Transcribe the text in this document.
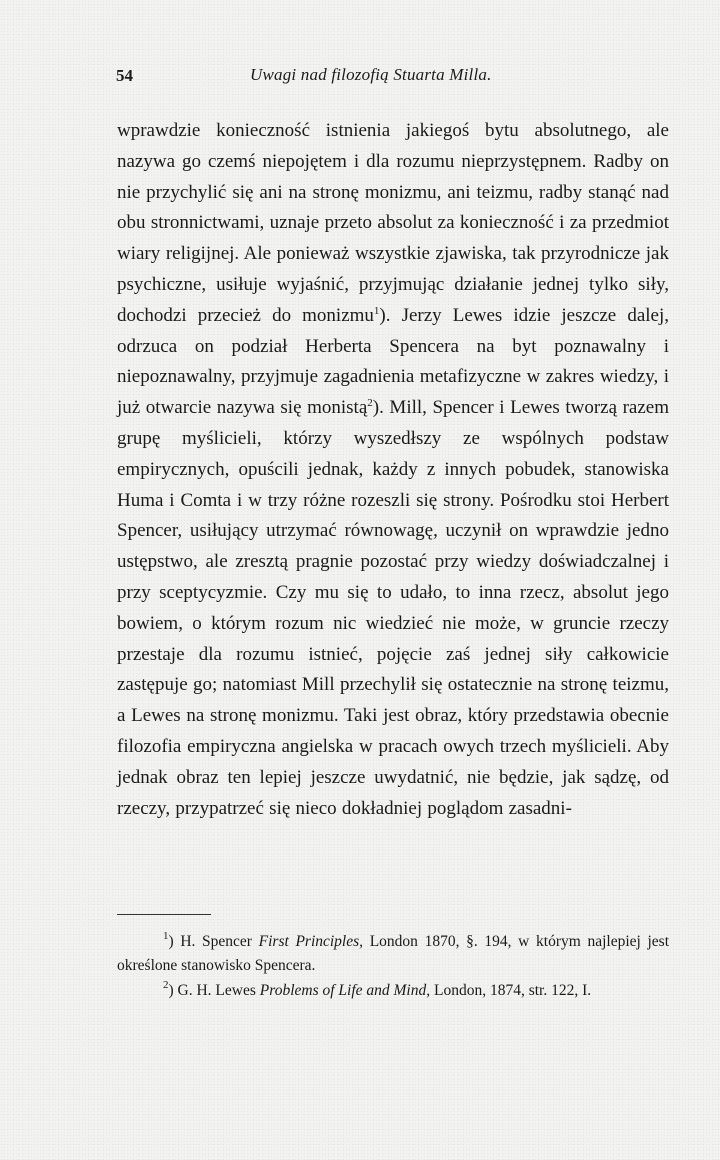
54	Uwagi nad filozofią Stuarta Milla.

wprawdzie konieczność istnienia jakiegoś bytu absolutnego, ale nazywa go czemś niepojętem i dla rozumu nieprzystępnem. Radby on nie przychylić się ani na stronę monizmu, ani teizmu, radby stanąć nad obu stronnictwami, uznaje przeto absolut za konieczność i za przedmiot wiary religijnej. Ale ponieważ wszystkie zjawiska, tak przyrodnicze jak psychiczne, usiłuje wyjaśnić, przyjmując działanie jednej tylko siły, dochodzi przecież do monizmu$^1$). Jerzy Lewes idzie jeszcze dalej, odrzuca on podział Herberta Spencera na byt poznawalny i niepoznawalny, przyjmuje zagadnienia metafizyczne w zakres wiedzy, i już otwarcie nazywa się monistą$^2$). Mill, Spencer i Lewes tworzą razem grupę myślicieli, którzy wyszedłszy ze wspólnych podstaw empirycznych, opuścili jednak, każdy z innych pobudek, stanowiska Huma i Comta i w trzy różne rozeszli się strony. Pośrodku stoi Herbert Spencer, usiłujący utrzymać równowagę, uczynił on wprawdzie jedno ustępstwo, ale zresztą pragnie pozostać przy wiedzy doświadczalnej i przy sceptycyzmie. Czy mu się to udało, to inna rzecz, absolut jego bowiem, o którym rozum nic wiedzieć nie może, w gruncie rzeczy przestaje dla rozumu istnieć, pojęcie zaś jednej siły całkowicie zastępuje go; natomiast Mill przechylił się ostatecznie na stronę teizmu, a Lewes na stronę monizmu. Taki jest obraz, który przedstawia obecnie filozofia empiryczna angielska w pracach owych trzech myślicieli. Aby jednak obraz ten lepiej jeszcze uwydatnić, nie będzie, jak sądzę, od rzeczy, przypatrzeć się nieco dokładniej poglądom zasadni-

$^1$) H. Spencer First Principles, London 1870, §. 194, w którym najlepiej jest określone stanowisko Spencera.

$^2$) G. H. Lewes Problems of Life and Mind, London, 1874, str. 122, I.
